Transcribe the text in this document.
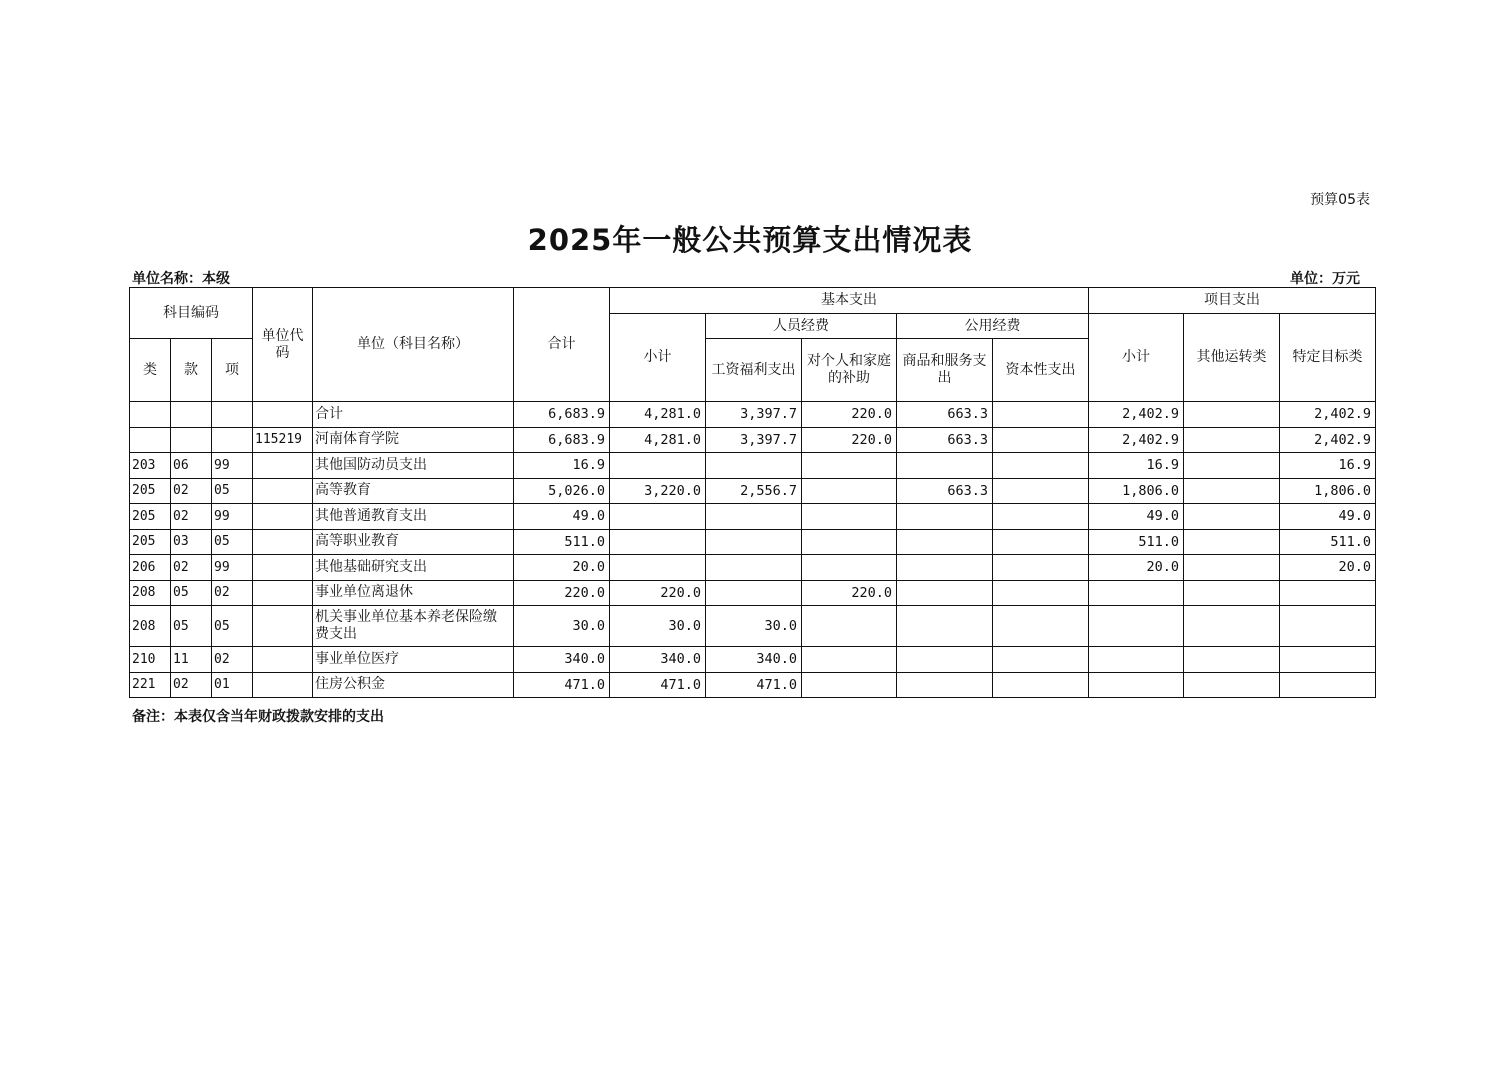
预算05表
2025年一般公共预算支出情况表
单位名称：本级	单位：万元
科目编码			单位代码	单位（科目名称）	合计	基本支出					项目支出		
						小计	人员经费		公用经费		小计	其他运转类	特定目标类
类	款	项					工资福利支出	对个人和家庭的补助	商品和服务支出	资本性支出			
				合计	6,683.9	4,281.0	3,397.7	220.0	663.3		2,402.9		2,402.9
			115219	河南体育学院	6,683.9	4,281.0	3,397.7	220.0	663.3		2,402.9		2,402.9
203	06	99		其他国防动员支出	16.9						16.9		16.9
205	02	05		高等教育	5,026.0	3,220.0	2,556.7		663.3		1,806.0		1,806.0
205	02	99		其他普通教育支出	49.0						49.0		49.0
205	03	05		高等职业教育	511.0						511.0		511.0
206	02	99		其他基础研究支出	20.0						20.0		20.0
208	05	02		事业单位离退休	220.0	220.0		220.0					
208	05	05		机关事业单位基本养老保险缴费支出	30.0	30.0	30.0						
210	11	02		事业单位医疗	340.0	340.0	340.0						
221	02	01		住房公积金	471.0	471.0	471.0						
备注：本表仅含当年财政拨款安排的支出
